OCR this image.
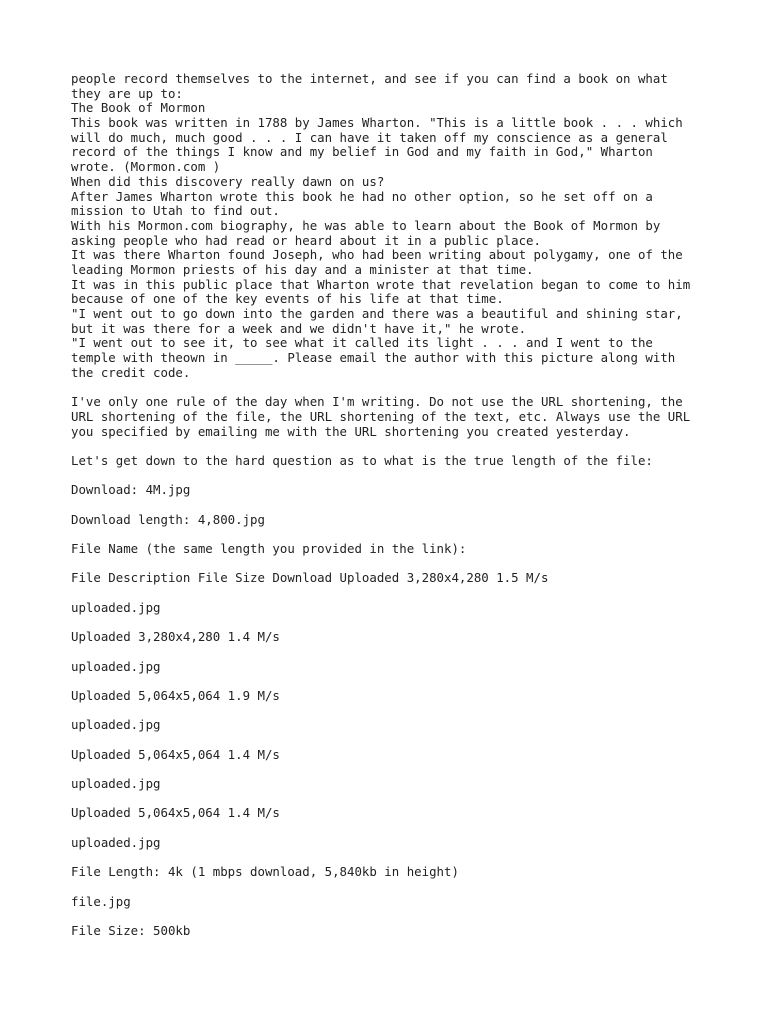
people record themselves to the internet, and see if you can find a book on what
they are up to:
The Book of Mormon
This book was written in 1788 by James Wharton. "This is a little book . . . which
will do much, much good . . . I can have it taken off my conscience as a general
record of the things I know and my belief in God and my faith in God," Wharton
wrote. (Mormon.com )
When did this discovery really dawn on us?
After James Wharton wrote this book he had no other option, so he set off on a
mission to Utah to find out.
With his Mormon.com biography, he was able to learn about the Book of Mormon by
asking people who had read or heard about it in a public place.
It was there Wharton found Joseph, who had been writing about polygamy, one of the
leading Mormon priests of his day and a minister at that time.
It was in this public place that Wharton wrote that revelation began to come to him
because of one of the key events of his life at that time.
"I went out to go down into the garden and there was a beautiful and shining star,
but it was there for a week and we didn't have it," he wrote.
"I went out to see it, to see what it called its light . . . and I went to the
temple with theown in _____. Please email the author with this picture along with
the credit code.
I've only one rule of the day when I'm writing. Do not use the URL shortening, the
URL shortening of the file, the URL shortening of the text, etc. Always use the URL
you specified by emailing me with the URL shortening you created yesterday.
Let's get down to the hard question as to what is the true length of the file:
Download: 4M.jpg
Download length: 4,800.jpg
File Name (the same length you provided in the link):
File Description File Size Download Uploaded 3,280x4,280 1.5 M/s
uploaded.jpg
Uploaded 3,280x4,280 1.4 M/s
uploaded.jpg
Uploaded 5,064x5,064 1.9 M/s
uploaded.jpg
Uploaded 5,064x5,064 1.4 M/s
uploaded.jpg
Uploaded 5,064x5,064 1.4 M/s
uploaded.jpg
File Length: 4k (1 mbps download, 5,840kb in height)
file.jpg
File Size: 500kb
